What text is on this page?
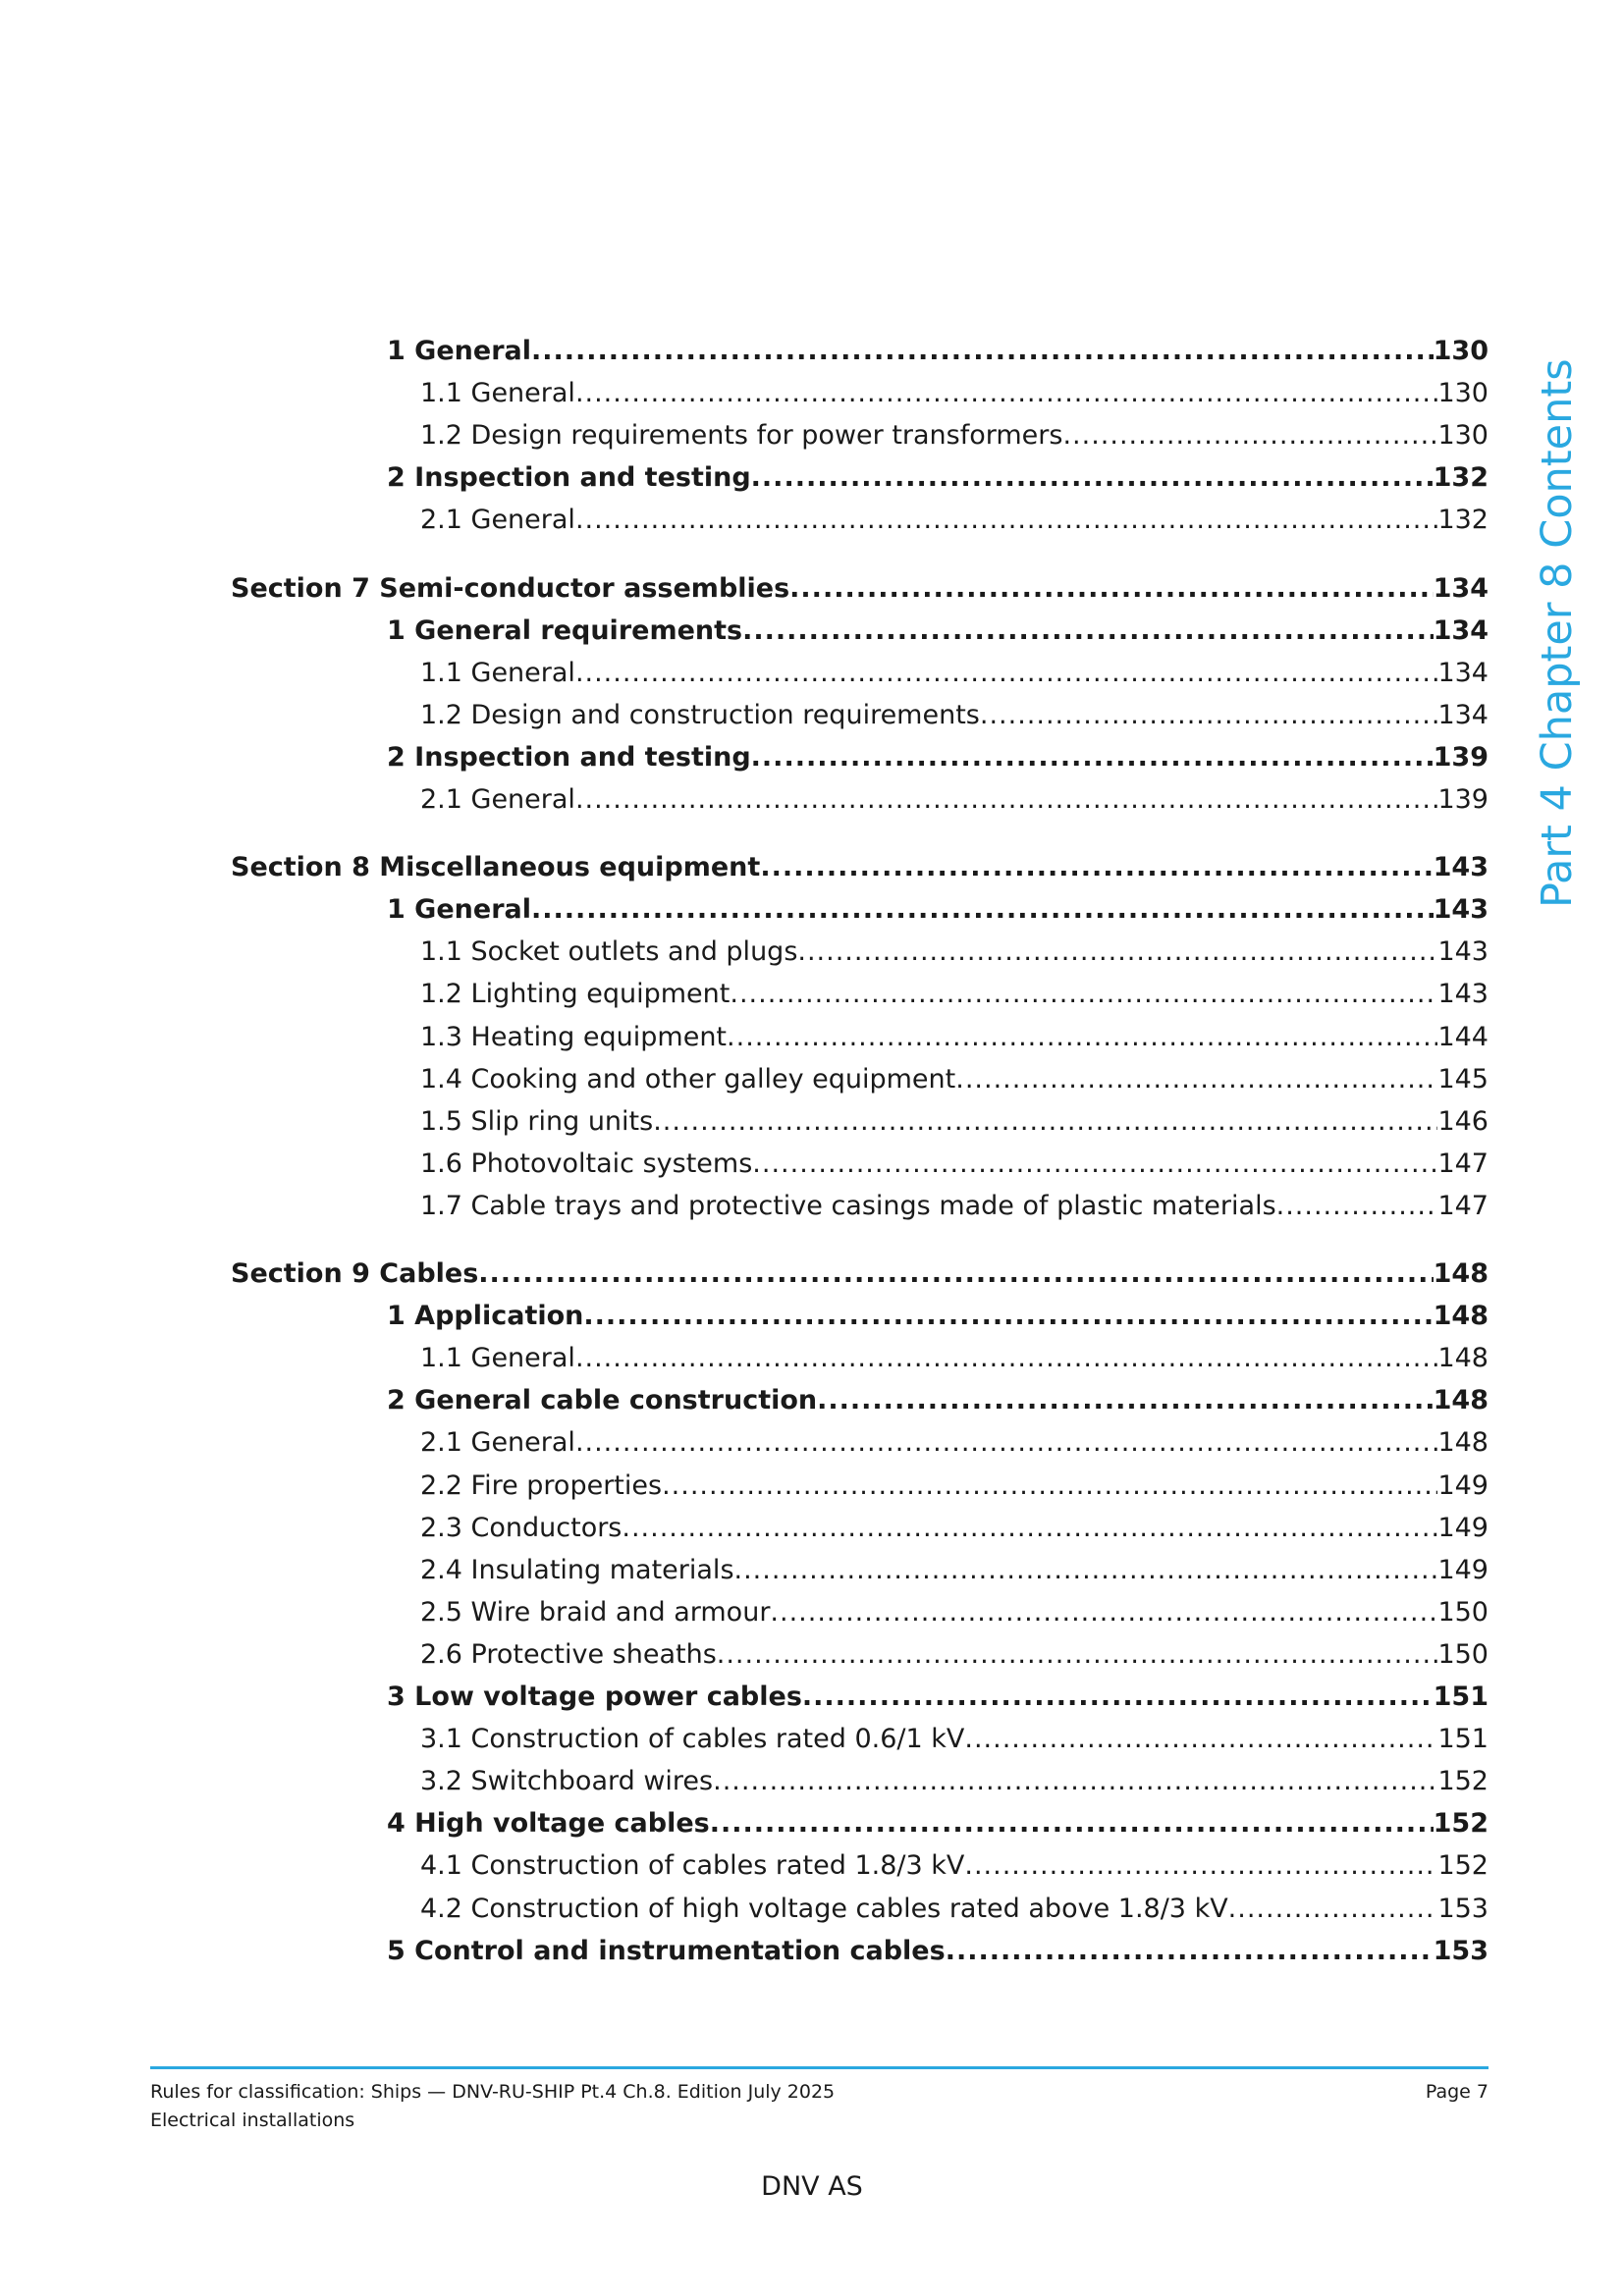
Part 4 Chapter 8 Contents
1 General .....	130
1.1 General .....	130
1.2 Design requirements for power transformers .....	130
2 Inspection and testing .....	132
2.1 General .....	132
Section 7 Semi-conductor assemblies .....	134
1 General requirements .....	134
1.1 General .....	134
1.2 Design and construction requirements .....	134
2 Inspection and testing .....	139
2.1 General .....	139
Section 8 Miscellaneous equipment .....	143
1 General .....	143
1.1 Socket outlets and plugs .....	143
1.2 Lighting equipment .....	143
1.3 Heating equipment .....	144
1.4 Cooking and other galley equipment .....	145
1.5 Slip ring units .....	146
1.6 Photovoltaic systems .....	147
1.7 Cable trays and protective casings made of plastic materials .....	147
Section 9 Cables .....	148
1 Application .....	148
1.1 General .....	148
2 General cable construction .....	148
2.1 General .....	148
2.2 Fire properties .....	149
2.3 Conductors .....	149
2.4 Insulating materials .....	149
2.5 Wire braid and armour .....	150
2.6 Protective sheaths .....	150
3 Low voltage power cables .....	151
3.1 Construction of cables rated 0.6/1 kV .....	151
3.2 Switchboard wires .....	152
4 High voltage cables .....	152
4.1 Construction of cables rated 1.8/3 kV .....	152
4.2 Construction of high voltage cables rated above 1.8/3 kV .....	153
5 Control and instrumentation cables .....	153
Rules for classification: Ships — DNV-RU-SHIP Pt.4 Ch.8. Edition July 2025
Electrical installations
Page 7
DNV AS
